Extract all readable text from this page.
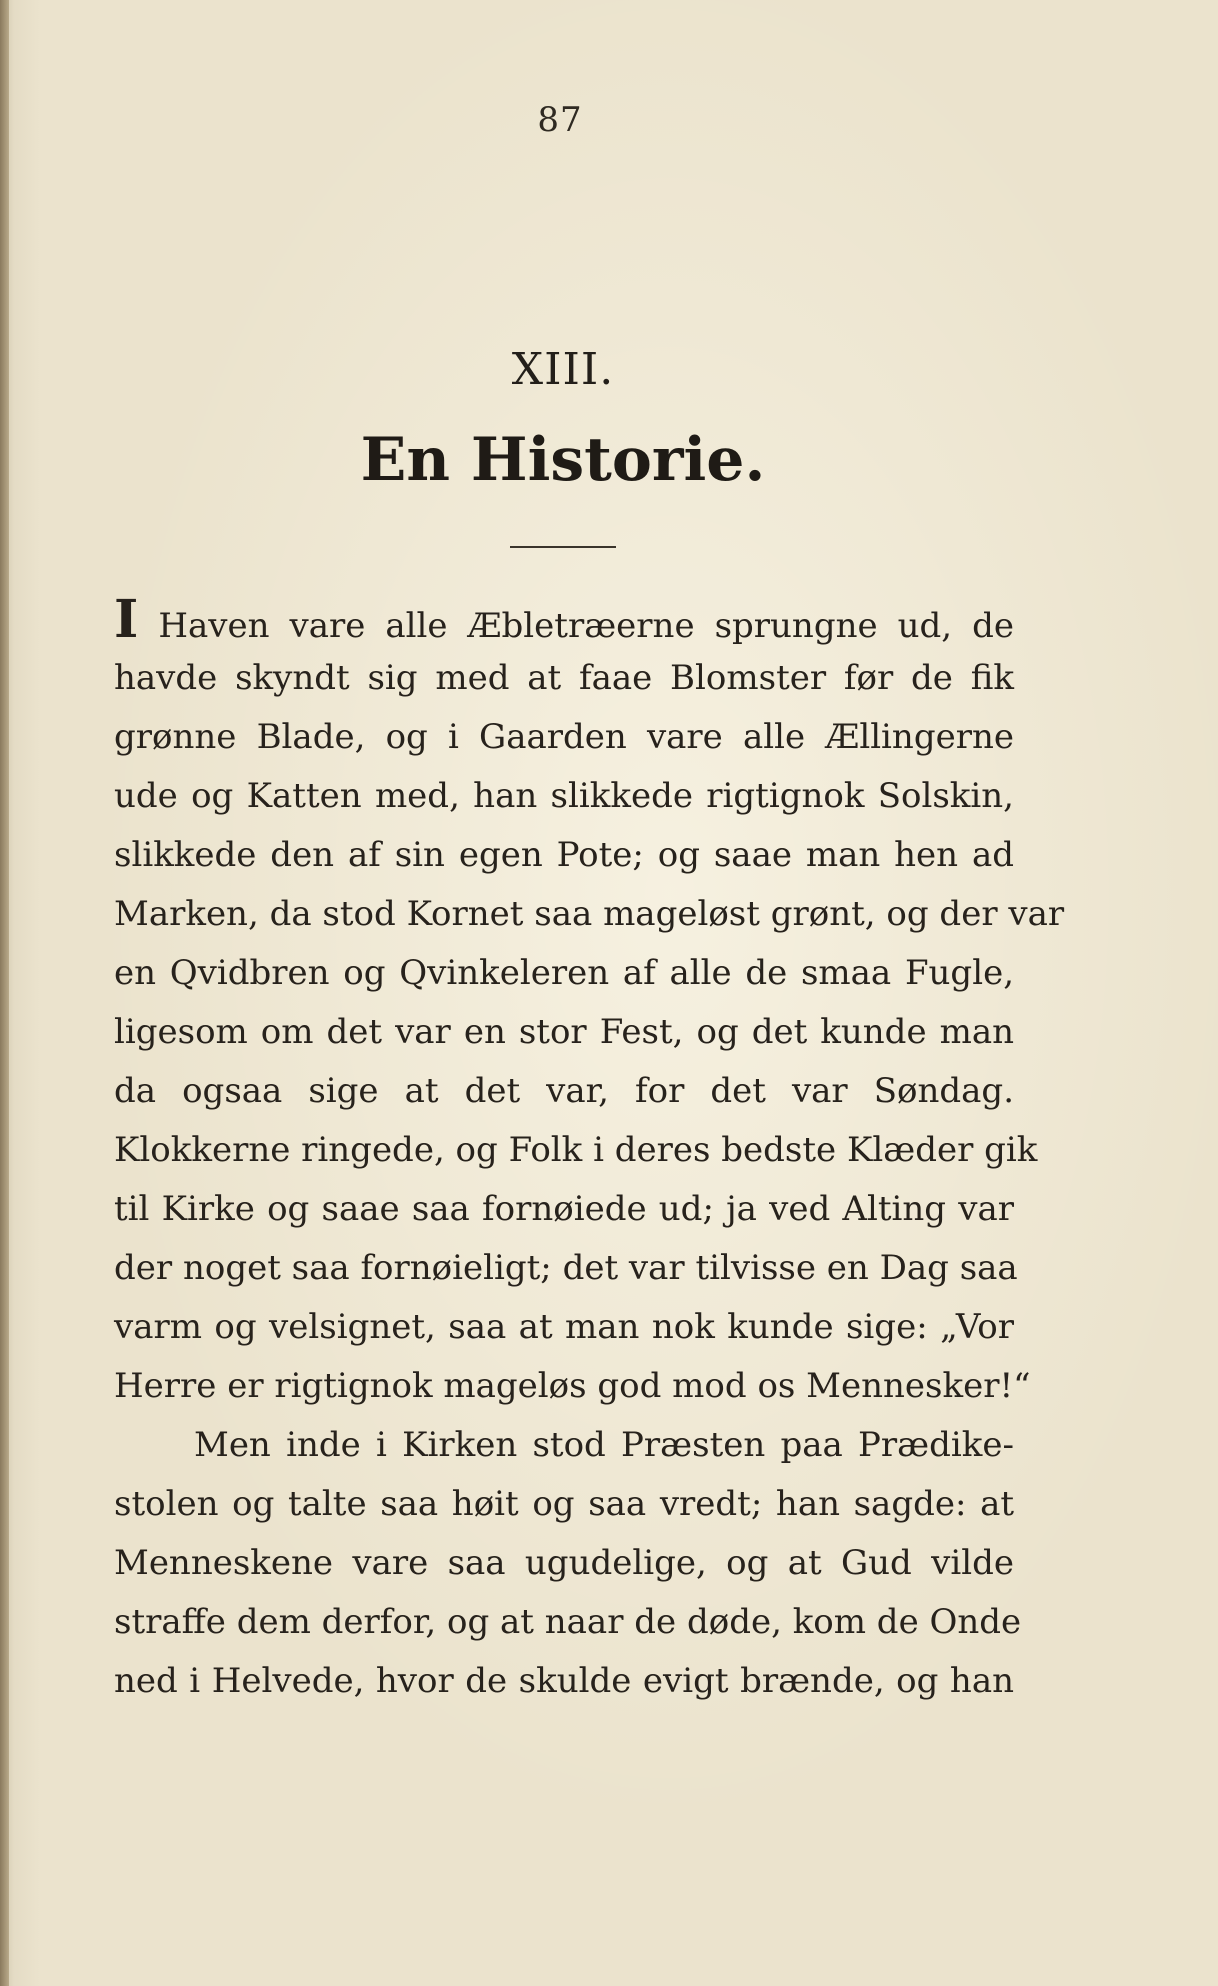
87
XIII.
En Historie.
I Haven vare alle Æbletræerne sprungne ud, de
havde skyndt sig med at faae Blomster før de fik
grønne Blade, og i Gaarden vare alle Ællingerne
ude og Katten med, han slikkede rigtignok Solskin,
slikkede den af sin egen Pote; og saae man hen ad
Marken, da stod Kornet saa mageløst grønt, og der var
en Qvidbren og Qvinkeleren af alle de smaa Fugle,
ligesom om det var en stor Fest, og det kunde man
da ogsaa sige at det var, for det var Søndag.
Klokkerne ringede, og Folk i deres bedste Klæder gik
til Kirke og saae saa fornøiede ud; ja ved Alting var
der noget saa fornøieligt; det var tilvisse en Dag saa
varm og velsignet, saa at man nok kunde sige: „Vor
Herre er rigtignok mageløs god mod os Mennesker!“
Men inde i Kirken stod Præsten paa Prædike-
stolen og talte saa høit og saa vredt; han sagde: at
Menneskene vare saa ugudelige, og at Gud vilde
straffe dem derfor, og at naar de døde, kom de Onde
ned i Helvede, hvor de skulde evigt brænde, og han
